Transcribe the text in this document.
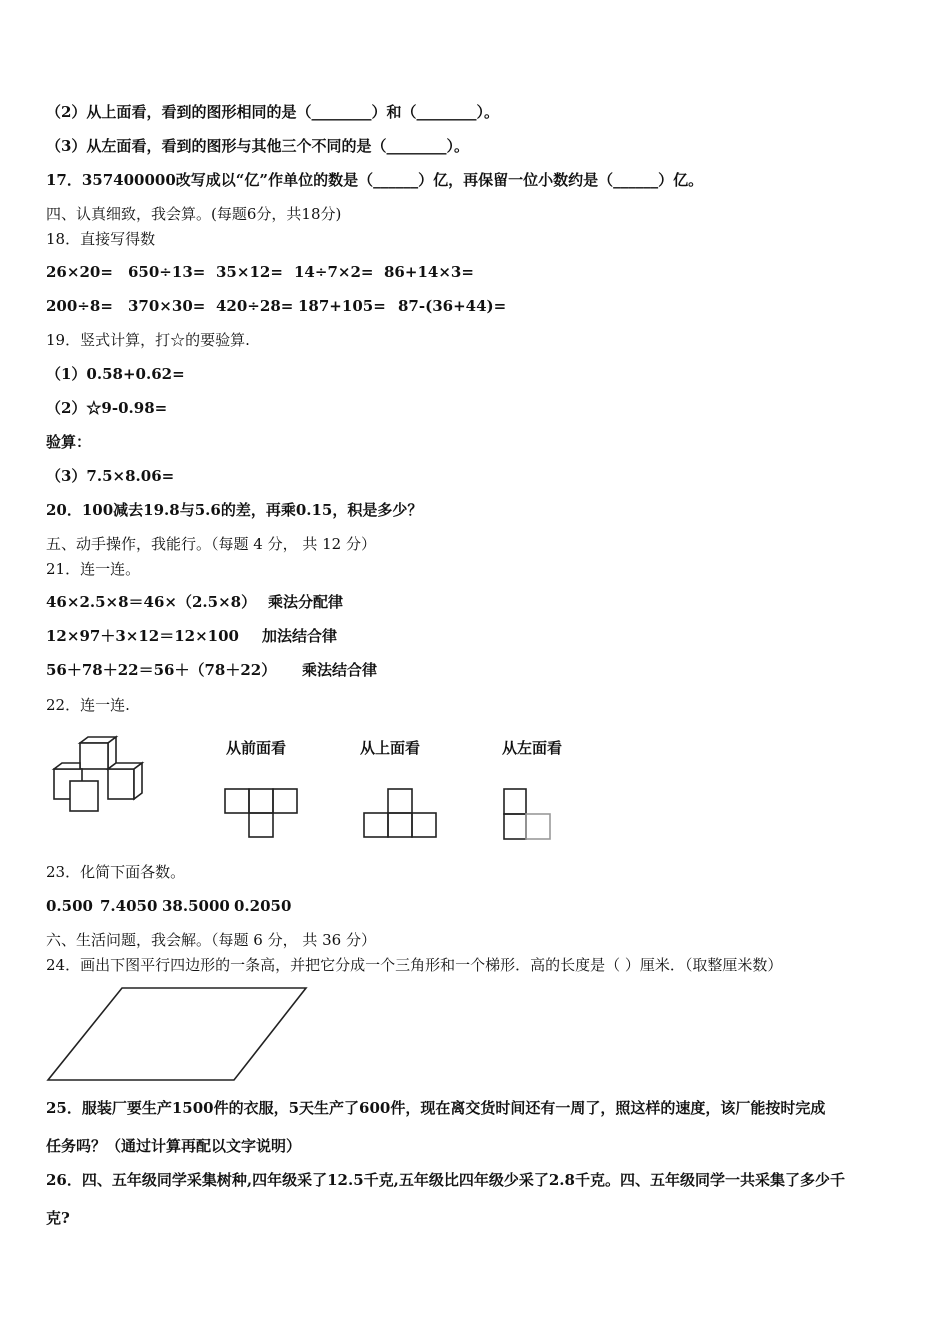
（2）从上面看，看到的图形相同的是（________）和（________）。
（3）从左面看，看到的图形与其他三个不同的是（________）。
17．357400000改写成以“亿”作单位的数是（______）亿，再保留一位小数约是（______）亿。
四、认真细致，我会算。(每题6分，共18分)
18．直接写得数
26×20= 650÷13= 35×12= 14÷7×2= 86+14×3=
200÷8= 370×30= 420÷28= 187+105= 87-(36+44)=
19．竖式计算，打☆的要验算.
（1）0.58+0.62=
（2）☆9-0.98=
验算：
（3）7.5×8.06=
20．100减去19.8与5.6的差，再乘0.15，积是多少？
五、动手操作，我能行。（每题 4 分， 共 12 分）
21．连一连。
46×2.5×8＝46×（2.5×8） 乘法分配律
12×97＋3×12＝12×100 加法结合律
56＋78＋22＝56＋（78＋22） 乘法结合律
22．连一连.
从前面看	从上面看	从左面看
23．化简下面各数。
0.500 7.4050 38.5000 0.2050
六、生活问题，我会解。（每题 6 分， 共 36 分）
24．画出下图平行四边形的一条高，并把它分成一个三角形和一个梯形．高的长度是（ ）厘米．（取整厘米数）
25．服装厂要生产1500件的衣服，5天生产了600件，现在离交货时间还有一周了，照这样的速度，该厂能按时完成
任务吗？（通过计算再配以文字说明）
26．四、五年级同学采集树种,四年级采了12.5千克,五年级比四年级少采了2.8千克。四、五年级同学一共采集了多少千
克?
